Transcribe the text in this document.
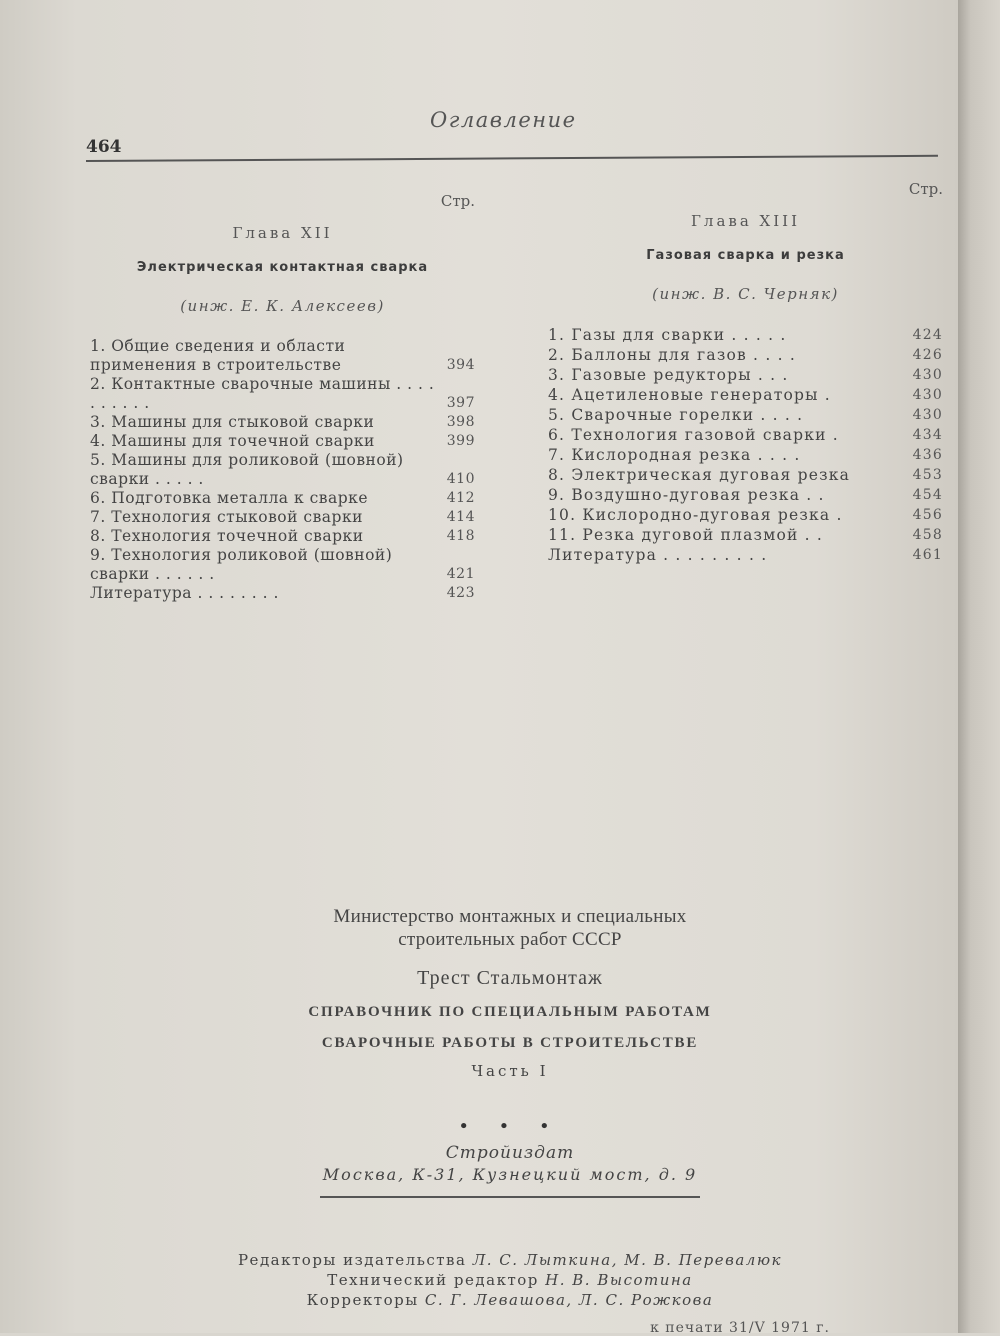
Оглавление
464
Стр.
Глава XII
Электрическая контактная сварка
(инж. Е. К. Алексеев)
1. Общие сведения и области применения в строительстве	394
2. Контактные сварочные машины . . . . . . . . . .	397
3. Машины для стыковой сварки	398
4. Машины для точечной сварки	399
5. Машины для роликовой (шовной) сварки . . . . .	410
6. Подготовка металла к сварке	412
7. Технология стыковой сварки	414
8. Технология точечной сварки	418
9. Технология роликовой (шовной) сварки . . . . . .	421
Литература . . . . . . . .	423
Стр.
Глава XIII
Газовая сварка и резка
(инж. В. С. Черняк)
1. Газы для сварки . . . . .	424
2. Баллоны для газов . . . .	426
3. Газовые редукторы . . .	430
4. Ацетиленовые генераторы .	430
5. Сварочные горелки . . . .	430
6. Технология газовой сварки .	434
7. Кислородная резка . . . .	436
8. Электрическая дуговая резка	453
9. Воздушно-дуговая резка . .	454
10. Кислородно-дуговая резка .	456
11. Резка дуговой плазмой . .	458
Литература . . . . . . . . .	461
Министерство монтажных и специальных
строительных работ СССР
Трест Стальмонтаж
СПРАВОЧНИК ПО СПЕЦИАЛЬНЫМ РАБОТАМ
СВАРОЧНЫЕ РАБОТЫ В СТРОИТЕЛЬСТВЕ
Часть I
• • •
Стройиздат
Москва, К-31, Кузнецкий мост, д. 9
Редакторы издательства Л. С. Лыткина, М. В. Перевалюк
Технический редактор Н. В. Высотина
Корректоры С. Г. Левашова, Л. С. Рожкова
к печати 31/V 1971 г.
